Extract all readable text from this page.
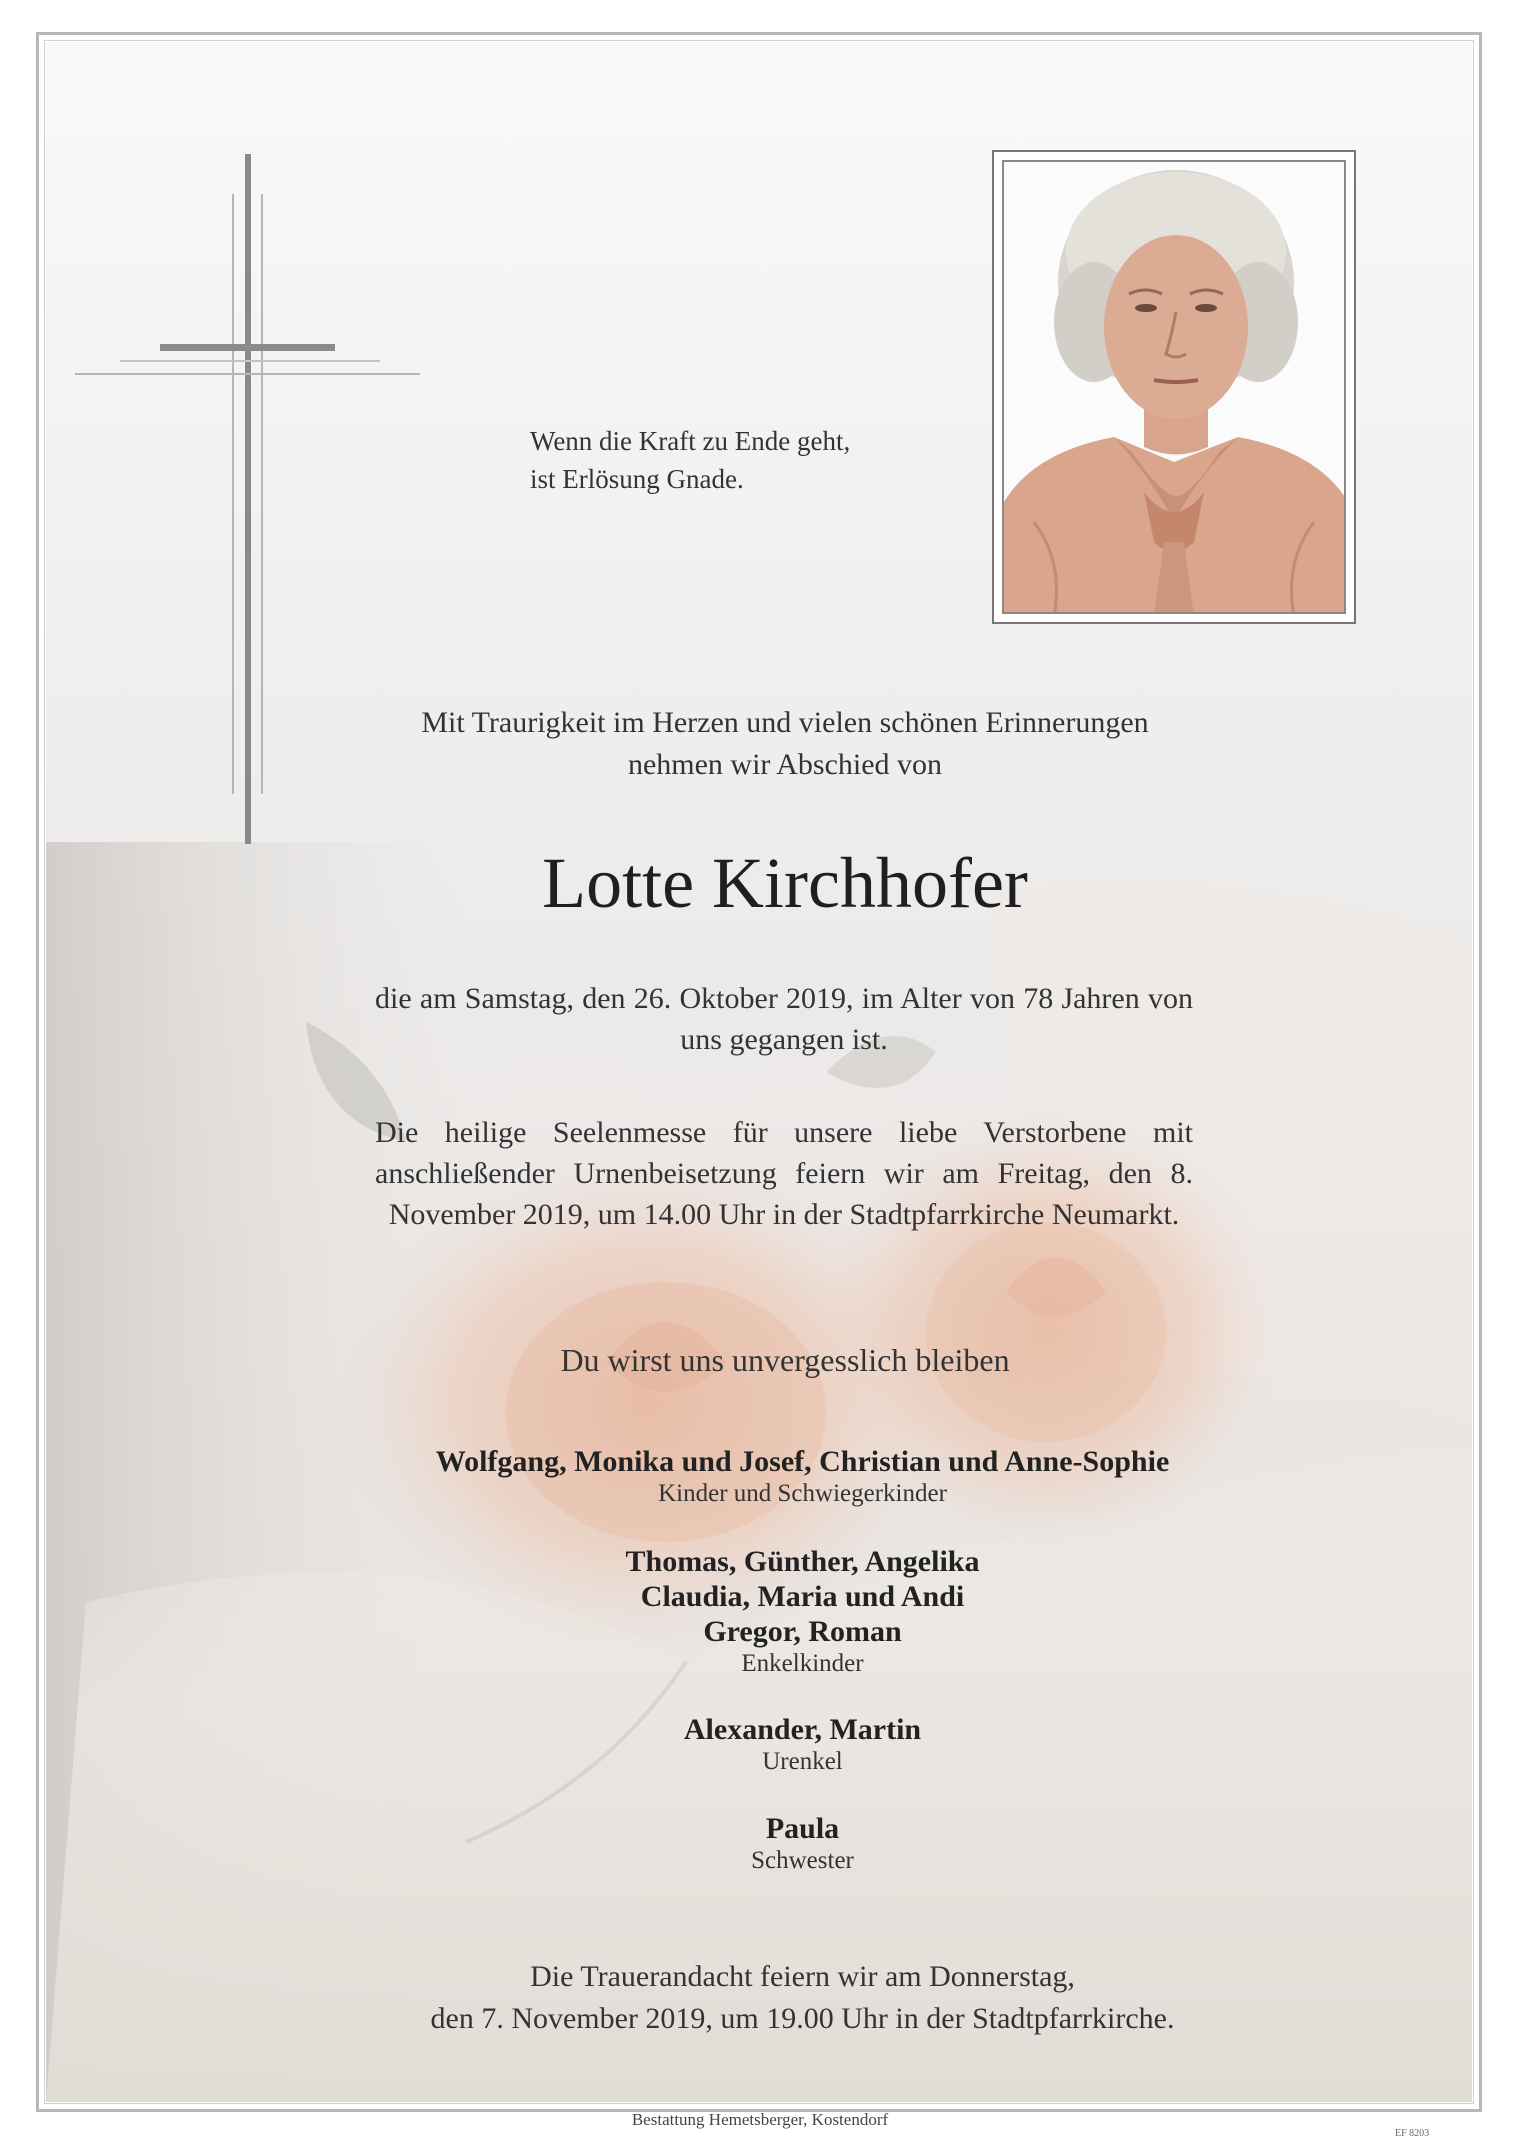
Wenn die Kraft zu Ende geht,
ist Erlösung Gnade.
Mit Traurigkeit im Herzen und vielen schönen Erinnerungen
nehmen wir Abschied von
Lotte Kirchhofer
die am Samstag, den 26. Oktober 2019, im Alter von 78 Jahren von uns gegangen ist.
Die heilige Seelenmesse für unsere liebe Verstorbene mit anschließender Urnenbeisetzung feiern wir am Freitag, den 8. November 2019, um 14.00 Uhr in der Stadtpfarrkirche Neumarkt.
Du wirst uns unvergesslich bleiben
Wolfgang, Monika und Josef, Christian und Anne-Sophie
Kinder und Schwiegerkinder
Thomas, Günther, Angelika
Claudia, Maria und Andi
Gregor, Roman
Enkelkinder
Alexander, Martin
Urenkel
Paula
Schwester
Die Trauerandacht feiern wir am Donnerstag,
den 7. November 2019, um 19.00 Uhr in der Stadtpfarrkirche.
Bestattung Hemetsberger, Kostendorf
EF 8203
